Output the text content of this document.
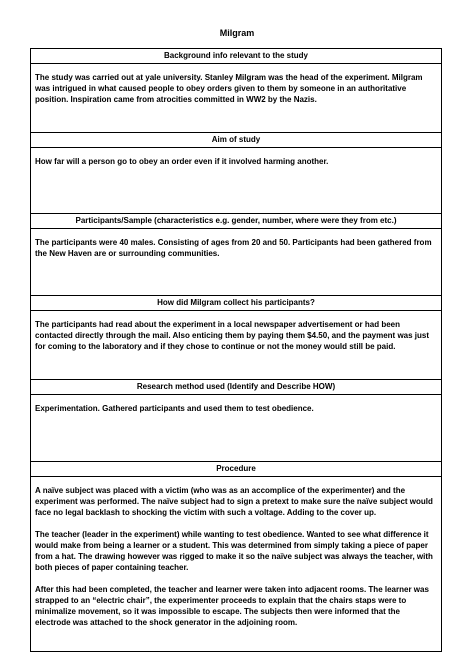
Milgram
Background info relevant to the study

The study was carried out at yale university. Stanley Milgram was the head of the experiment. Milgram was intrigued in what caused people to obey orders given to them by someone in an authoritative position. Inspiration came from atrocities committed in WW2 by the Nazis.

Aim of study

How far will a person go to obey an order even if it involved harming another.

Participants/Sample (characteristics e.g. gender, number, where were they from etc.)

The participants were 40 males. Consisting of ages from 20 and 50. Participants had been gathered from the New Haven are or surrounding communities.

How did Milgram collect his participants?

The participants had read about the experiment in a local newspaper advertisement or had been contacted directly through the mail. Also enticing them by paying them $4.50, and the payment was just for coming to the laboratory and if they chose to continue or not the money would still be paid.

Research method used (Identify and Describe HOW)

Experimentation. Gathered participants and used them to test obedience.

Procedure

A naïve subject was placed with a victim (who was as an accomplice of the experimenter) and the experiment was performed. The naïve subject had to sign a pretext to make sure the naïve subject would face no legal backlash to shocking the victim with such a voltage. Adding to the cover up.

The teacher (leader in the experiment) while wanting to test obedience. Wanted to see what difference it would make from being a learner or a student. This was determined from simply taking a piece of paper from a hat. The drawing however was rigged to make it so the naïve subject was always the teacher, with both pieces of paper containing teacher.

After this had been completed, the teacher and learner were taken into adjacent rooms. The learner was strapped to an “electric chair”, the experimenter proceeds to explain that the chairs staps were to minimalize movement, so it was impossible to escape. The subjects then were informed that the electrode was attached to the shock generator in the adjoining room.
